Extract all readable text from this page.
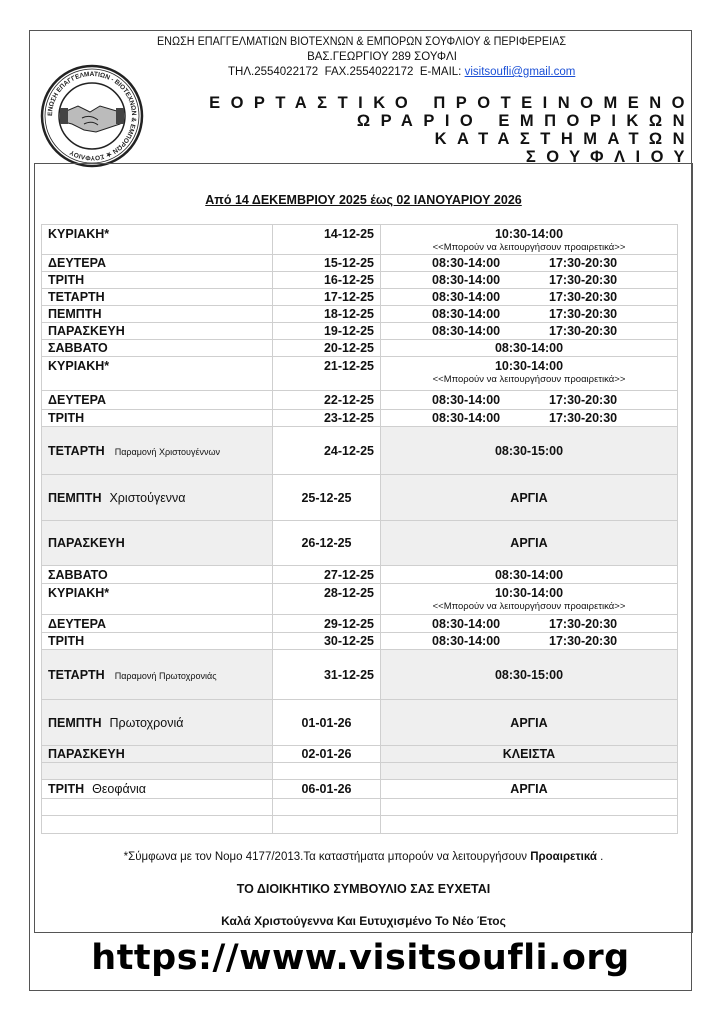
ΕΝΩΣΗ ΕΠΑΓΓΕΛΜΑΤΙΩΝ ΒΙΟΤΕΧΝΩΝ & ΕΜΠΟΡΩΝ ΣΟΥΦΛΙΟΥ & ΠΕΡΙΦΕΡΕΙΑΣ
ΒΑΣ.ΓΕΩΡΓΙΟΥ 289 ΣΟΥΦΛΙ
ΤΗΛ.2554022172 FAX.2554022172 E-MAIL: visitsoufli@gmail.com
ΕΝΩΣΗ ΕΠΑΓΓΕΛΜΑΤΙΩΝ - ΒΙΟΤΕΧΝΩΝ & ΕΜΠΟΡΩΝ ★ ΣΟΥΦΛΙΟΥ
ΕΟΡΤΑΣΤΙΚΟ ΠΡΟΤΕΙΝΟΜΕΝΟ
ΩΡΑΡΙΟ ΕΜΠΟΡΙΚΩΝ
ΚΑΤΑΣΤΗΜΑΤΩΝ
ΣΟΥΦΛΙΟΥ
Από 14 ΔΕΚΕΜΒΡΙΟΥ 2025 έως 02 ΙΑΝΟΥΑΡΙΟΥ 2026
ΚΥΡΙΑΚΗ*	14-12-25	10:30-14:00
<<Μπορούν να λειτουργήσουν προαιρετικά>>
ΔΕΥΤΕΡΑ	15-12-25	08:30-14:00	17:30-20:30
ΤΡΙΤΗ	16-12-25	08:30-14:00	17:30-20:30
ΤΕΤΑΡΤΗ	17-12-25	08:30-14:00	17:30-20:30
ΠΕΜΠΤΗ	18-12-25	08:30-14:00	17:30-20:30
ΠΑΡΑΣΚΕΥΗ	19-12-25	08:30-14:00	17:30-20:30
ΣΑΒΒΑΤΟ	20-12-25	08:30-14:00
ΚΥΡΙΑΚΗ*	21-12-25	10:30-14:00
<<Μπορούν να λειτουργήσουν προαιρετικά>>
ΔΕΥΤΕΡΑ	22-12-25	08:30-14:00	17:30-20:30
ΤΡΙΤΗ	23-12-25	08:30-14:00	17:30-20:30
ΤΕΤΑΡΤΗ Παραμονή Χριστουγέννων	24-12-25	08:30-15:00
ΠΕΜΠΤΗ Χριστούγεννα	25-12-25	ΑΡΓΙΑ
ΠΑΡΑΣΚΕΥΗ	26-12-25	ΑΡΓΙΑ
ΣΑΒΒΑΤΟ	27-12-25	08:30-14:00
ΚΥΡΙΑΚΗ*	28-12-25	10:30-14:00
<<Μπορούν να λειτουργήσουν προαιρετικά>>
ΔΕΥΤΕΡΑ	29-12-25	08:30-14:00	17:30-20:30
ΤΡΙΤΗ	30-12-25	08:30-14:00	17:30-20:30
ΤΕΤΑΡΤΗ Παραμονή Πρωτοχρονιάς	31-12-25	08:30-15:00
ΠΕΜΠΤΗ Πρωτοχρονιά	01-01-26	ΑΡΓΙΑ
ΠΑΡΑΣΚΕΥΗ	02-01-26	ΚΛΕΙΣΤΑ
ΤΡΙΤΗ Θεοφάνια	06-01-26	ΑΡΓΙΑ
*Σύμφωνα με τον Νομο 4177/2013.Τα καταστήματα μπορούν να λειτουργήσουν Προαιρετικά .
ΤΟ ΔΙΟΙΚΗΤΙΚΟ ΣΥΜΒΟΥΛΙΟ ΣΑΣ ΕΥΧΕΤΑΙ
Καλά Χριστούγεννα Και Ευτυχισμένο Το Νέο Έτος
https://www.visitsoufli.org
